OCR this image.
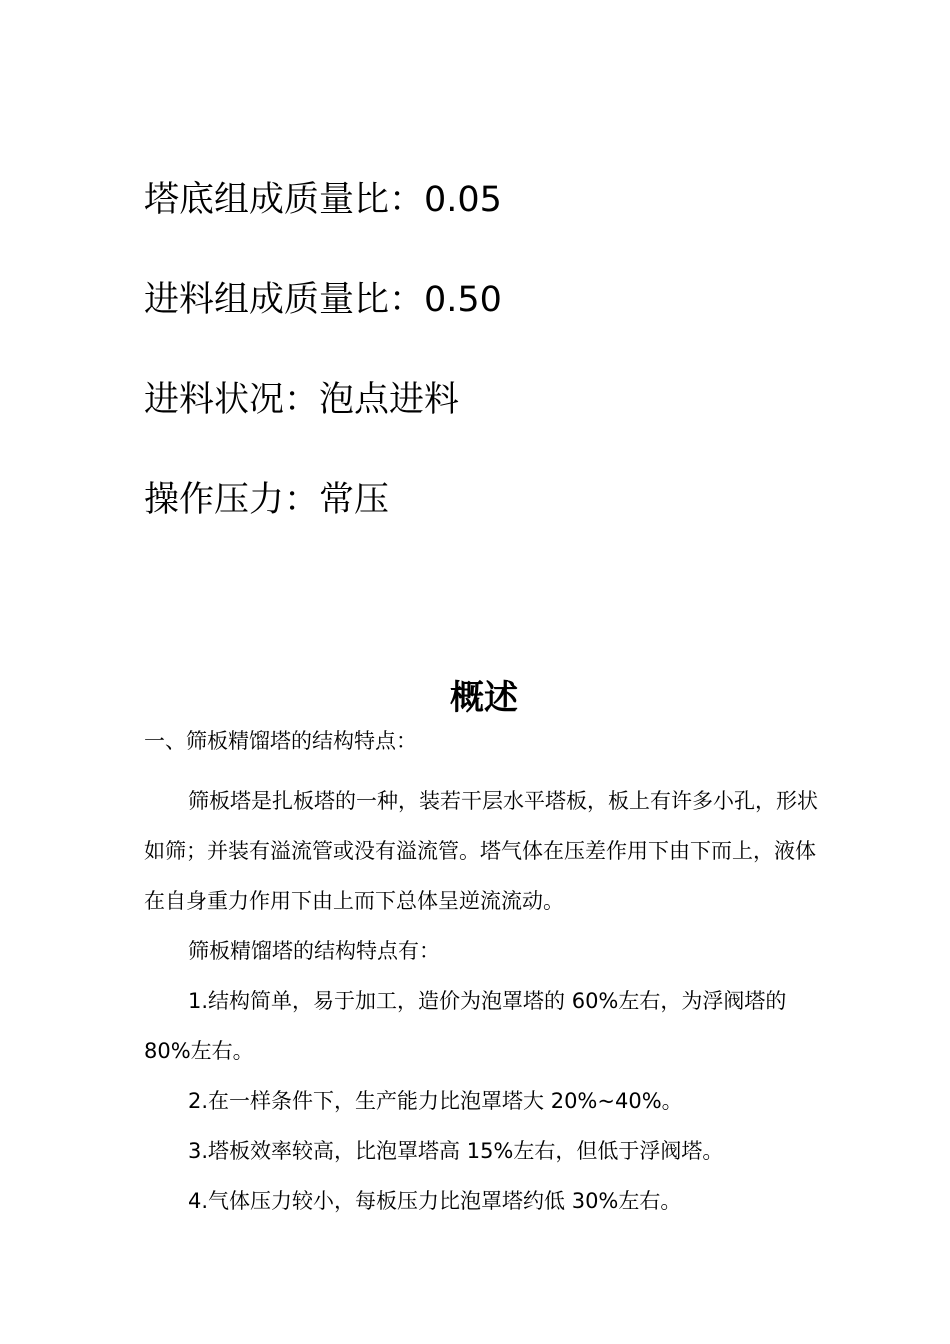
塔底组成质量比：0.05
进料组成质量比：0.50
进料状况：泡点进料
操作压力：常压
概述
一、筛板精馏塔的结构特点：

筛板塔是扎板塔的一种，装若干层水平塔板，板上有许多小孔，形状如筛；并装有溢流管或没有溢流管。塔气体在压差作用下由下而上，液体在自身重力作用下由上而下总体呈逆流流动。

筛板精馏塔的结构特点有：

1.结构简单，易于加工，造价为泡罩塔的 60%左右，为浮阀塔的 80%左右。

2.在一样条件下，生产能力比泡罩塔大 20%~40%。

3.塔板效率较高，比泡罩塔高 15%左右，但低于浮阀塔。

4.气体压力较小，每板压力比泡罩塔约低 30%左右。
